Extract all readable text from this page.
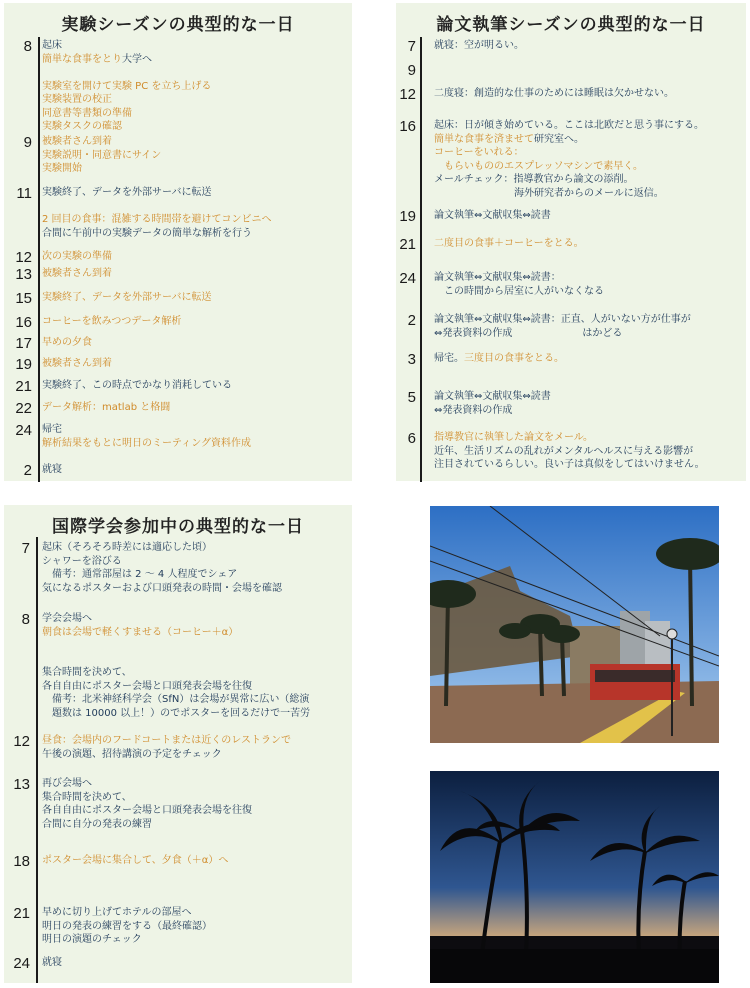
実験シーズンの典型的な一日
8 起床
簡単な食事をとり大学へ

実験室を開けて実験 PC を立ち上げる
実験装置の校正
同意書等書類の準備
実験タスクの確認
9 被験者さん到着
実験説明・同意書にサイン
実験開始
11 実験終了、データを外部サーバに転送

2 回目の食事：混雑する時間帯を避けてコンビニへ
合間に午前中の実験データの簡単な解析を行う
12 次の実験の準備
13 被験者さん到着
15 実験終了、データを外部サーバに転送
16 コーヒーを飲みつつデータ解析
17 早めの夕食
19 被験者さん到着
21 実験終了、この時点でかなり消耗している
22 データ解析：matlab と格闘
24 帰宅
解析結果をもとに明日のミーティング資料作成
2 就寝
論文執筆シーズンの典型的な一日
7 就寝：空が明るい。
9

12 二度寝：創造的な仕事のためには睡眠は欠かせない。
16 起床：日が傾き始めている。ここは北欧だと思う事にする。
簡単な食事を済ませて研究室へ。
コーヒーをいれる：
　もらいもののエスプレッソマシンで素早く。
メールチェック：指導教官から論文の添削。
　　　　　　　　海外研究者からのメールに返信。
19 論文執筆⇔文献収集⇔読書
21 二度目の食事＋コーヒーをとる。
24 論文執筆⇔文献収集⇔読書：
　この時間から居室に人がいなくなる
2 論文執筆⇔文献収集⇔読書：正直、人がいない方が仕事が
⇔発表資料の作成　　　　　　　はかどる
3 帰宅。三度目の食事をとる。
5 論文執筆⇔文献収集⇔読書
⇔発表資料の作成
6 指導教官に執筆した論文をメール。
近年、生活リズムの乱れがメンタルヘルスに与える影響が
注目されているらしい。良い子は真似をしてはいけません。
国際学会参加中の典型的な一日
7 起床（そろそろ時差には適応した頃）
シャワーを浴びる
　備考：通常部屋は 2 ～ 4 人程度でシェア
気になるポスターおよび口頭発表の時間・会場を確認
8 学会会場へ
朝食は会場で軽くすませる（コーヒー＋α）

集合時間を決めて、
各自自由にポスター会場と口頭発表会場を往復
　備考：北米神経科学会（SfN）は会場が異常に広い（総演
　題数は 10000 以上！）のでポスターを回るだけで一苦労
12 昼食：会場内のフードコートまたは近くのレストランで
午後の演題、招待講演の予定をチェック
13 再び会場へ
集合時間を決めて、
各自自由にポスター会場と口頭発表会場を往復
合間に自分の発表の練習
18 ポスター会場に集合して、夕食（＋α）へ
21 早めに切り上げてホテルの部屋へ
明日の発表の練習をする（最終確認）
明日の演題のチェック
24 就寝
